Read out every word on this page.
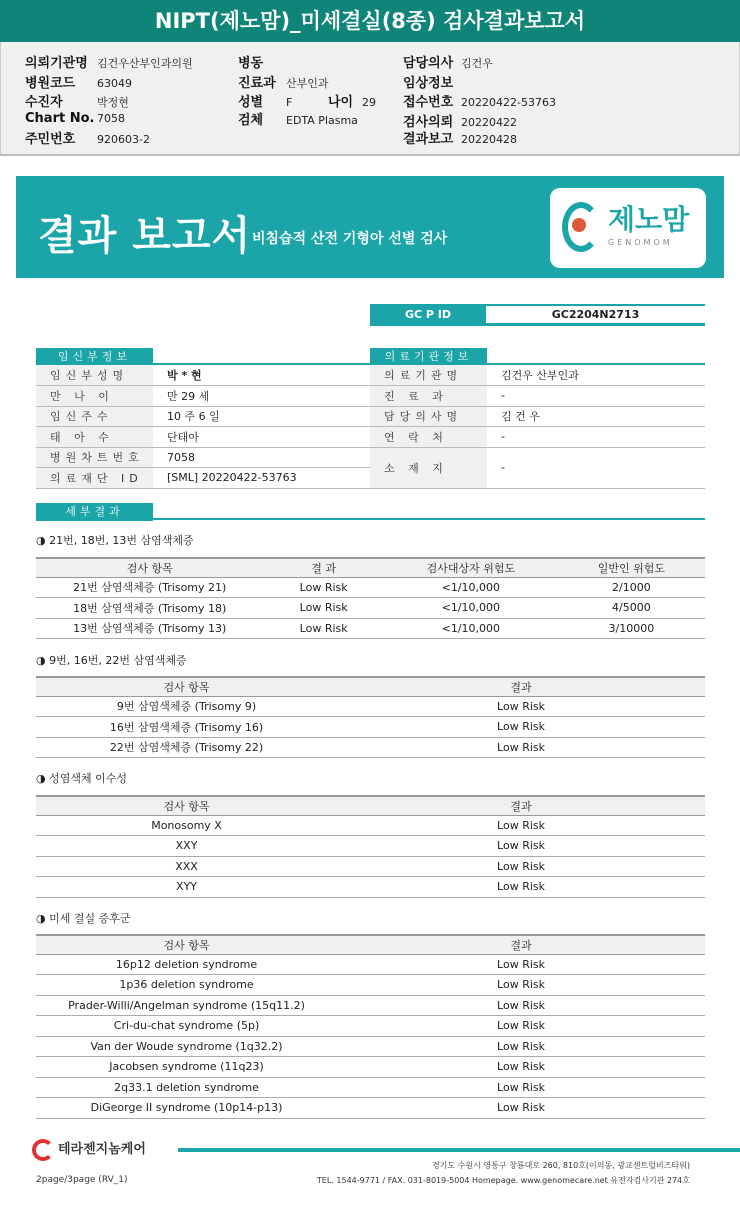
NIPT(제노맘)_미세결실(8종) 검사결과보고서
의뢰기관명 김건우산부인과의원
병원코드 63049
수진자	박정현
Chart No. 7058
주민번호 920603-2
병동
진료과 산부인과
성별 F	나이 29
검체 EDTA Plasma
담당의사 김건우
임상정보
접수번호 20220422-53763
검사의뢰 20220422
결과보고 20220428
결과 보고서 비침습적 산전 기형아 선별 검사
제노맘
GENOMOM
GC P ID	GC2204N2713
임신부정보	의료기관정보
임신부성명	박 * 현
만 나 이	만 29 세
임신주수	10 주 6 일
태 아 수	단태아
병원차트번호	7058
의료재단 ID	[SML] 20220422-53763
의료기관명	김건우 산부인과
진 료 과	-
담당의사명	김 건 우
연 락 처	-
소 재 지	-
세부결과
◑ 21번, 18번, 13번 삼염색체증
검사 항목	결 과	검사대상자 위험도	일반인 위험도
21번 삼염색체증 (Trisomy 21)	Low Risk	<1/10,000	2/1000
18번 삼염색체증 (Trisomy 18)	Low Risk	<1/10,000	4/5000
13번 삼염색체증 (Trisomy 13)	Low Risk	<1/10,000	3/10000
◑ 9번, 16번, 22번 삼염색체증
검사 항목	결과
9번 삼염색체증 (Trisomy 9)	Low Risk
16번 삼염색체증 (Trisomy 16)	Low Risk
22번 삼염색체증 (Trisomy 22)	Low Risk
◑ 성염색체 이수성
검사 항목	결과
Monosomy X	Low Risk
XXY	Low Risk
XXX	Low Risk
XYY	Low Risk
◑ 미세 결실 증후군
검사 항목	결과
16p12 deletion syndrome	Low Risk
1p36 deletion syndrome	Low Risk
Prader-Willi/Angelman syndrome (15q11.2)	Low Risk
Cri-du-chat syndrome (5p)	Low Risk
Van der Woude syndrome (1q32.2)	Low Risk
Jacobsen syndrome (11q23)	Low Risk
2q33.1 deletion syndrome	Low Risk
DiGeorge II syndrome (10p14-p13)	Low Risk
테라젠지놈케어
2page/3page (RV_1)
경기도 수원시 영통구 창룡대로 260, 810호(이의동, 광교센트럴비즈타워)
TEL. 1544-9771 / FAX. 031-8019-5004 Homepage. www.genomecare.net 유전자검사기관 274호
